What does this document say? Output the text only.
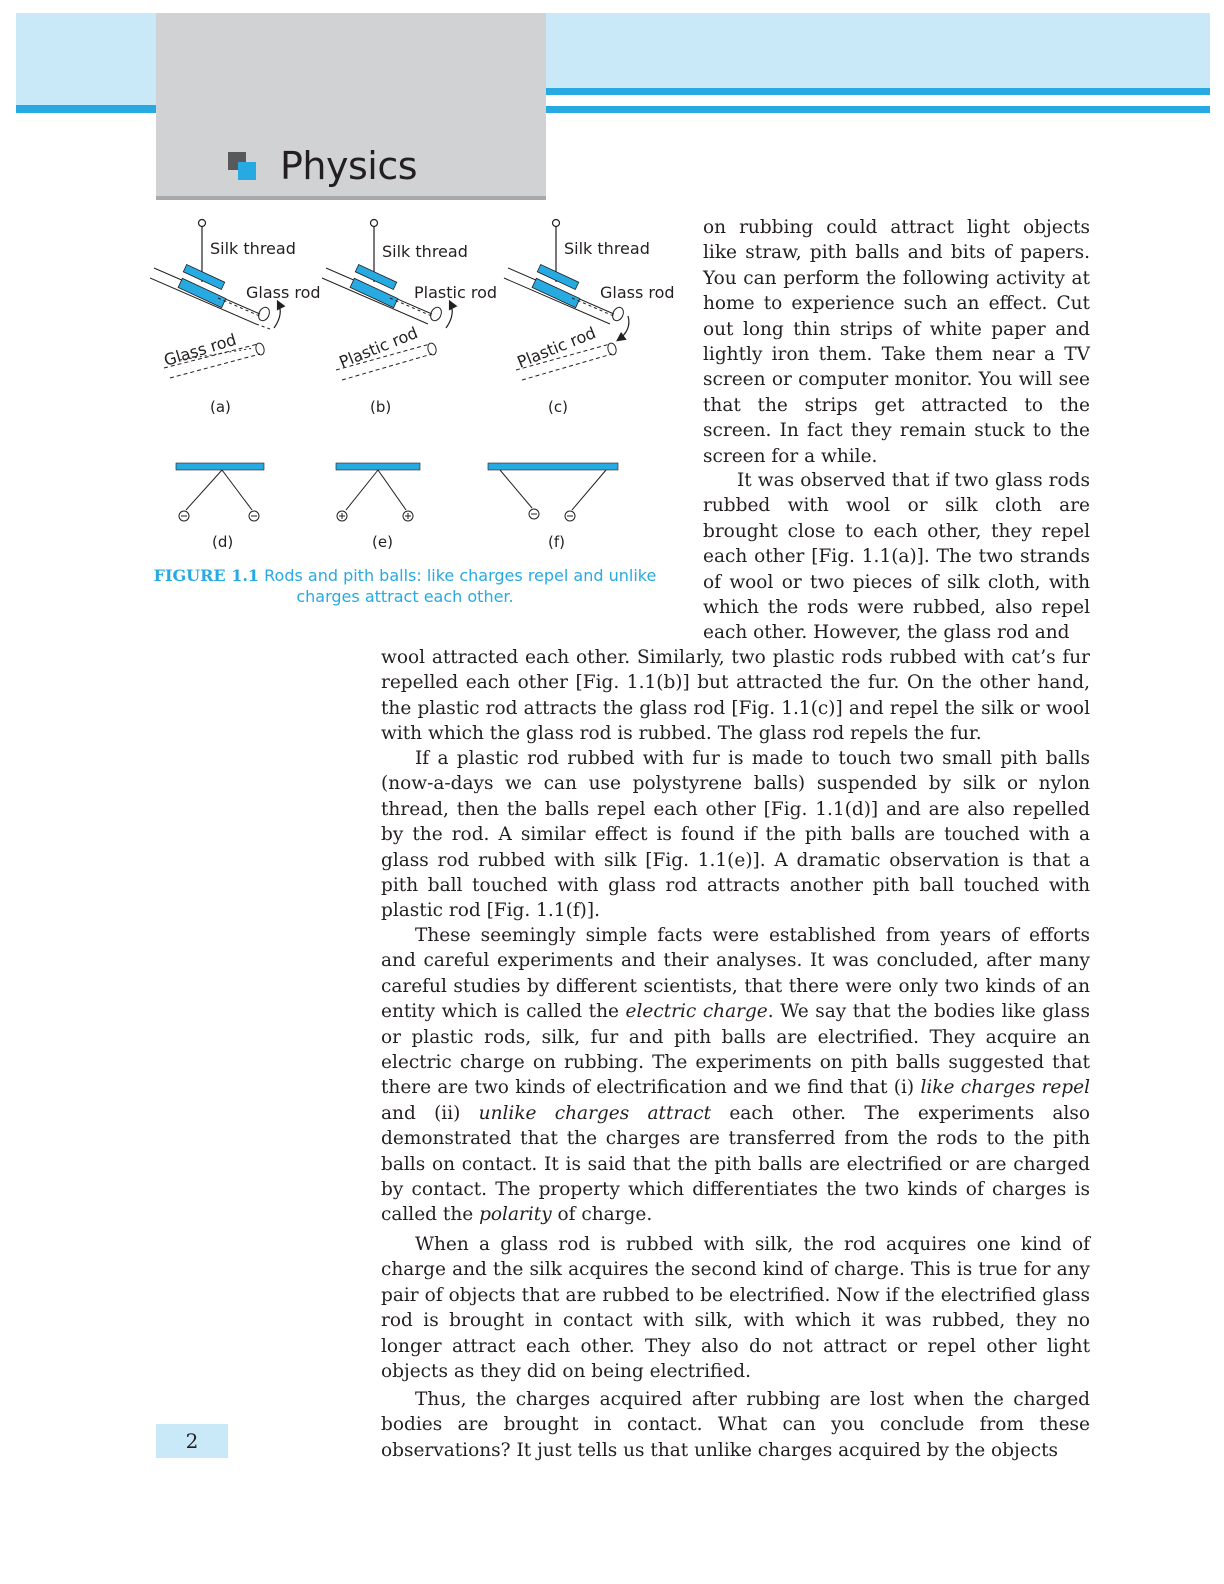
Physics
Silk thread
Glass rod
Glass rod
(a)
Silk thread
Plastic rod
Plastic rod
(b)
Silk thread
Glass rod
Plastic rod
(c)
(d)	(e)	(f)
FIGURE 1.1 Rods and pith balls: like charges repel and unlike charges attract each other.

on rubbing could attract light objects like straw, pith balls and bits of papers. You can perform the following activity at home to experience such an effect. Cut out long thin strips of white paper and lightly iron them. Take them near a TV screen or computer monitor. You will see that the strips get attracted to the screen. In fact they remain stuck to the screen for a while.

It was observed that if two glass rods rubbed with wool or silk cloth are brought close to each other, they repel each other [Fig. 1.1(a)]. The two strands of wool or two pieces of silk cloth, with which the rods were rubbed, also repel each other. However, the glass rod and

wool attracted each other. Similarly, two plastic rods rubbed with cat’s fur repelled each other [Fig. 1.1(b)] but attracted the fur. On the other hand, the plastic rod attracts the glass rod [Fig. 1.1(c)] and repel the silk or wool with which the glass rod is rubbed. The glass rod repels the fur.

If a plastic rod rubbed with fur is made to touch two small pith balls (now-a-days we can use polystyrene balls) suspended by silk or nylon thread, then the balls repel each other [Fig. 1.1(d)] and are also repelled by the rod. A similar effect is found if the pith balls are touched with a glass rod rubbed with silk [Fig. 1.1(e)]. A dramatic observation is that a pith ball touched with glass rod attracts another pith ball touched with plastic rod [Fig. 1.1(f)].

These seemingly simple facts were established from years of efforts and careful experiments and their analyses. It was concluded, after many careful studies by different scientists, that there were only two kinds of an entity which is called the electric charge. We say that the bodies like glass or plastic rods, silk, fur and pith balls are electrified. They acquire an electric charge on rubbing. The experiments on pith balls suggested that there are two kinds of electrification and we find that (i) like charges repel and (ii) unlike charges attract each other. The experiments also demonstrated that the charges are transferred from the rods to the pith balls on contact. It is said that the pith balls are electrified or are charged by contact. The property which differentiates the two kinds of charges is called the polarity of charge.

When a glass rod is rubbed with silk, the rod acquires one kind of charge and the silk acquires the second kind of charge. This is true for any pair of objects that are rubbed to be electrified. Now if the electrified glass rod is brought in contact with silk, with which it was rubbed, they no longer attract each other. They also do not attract or repel other light objects as they did on being electrified.

Thus, the charges acquired after rubbing are lost when the charged bodies are brought in contact. What can you conclude from these observations? It just tells us that unlike charges acquired by the objects

2
